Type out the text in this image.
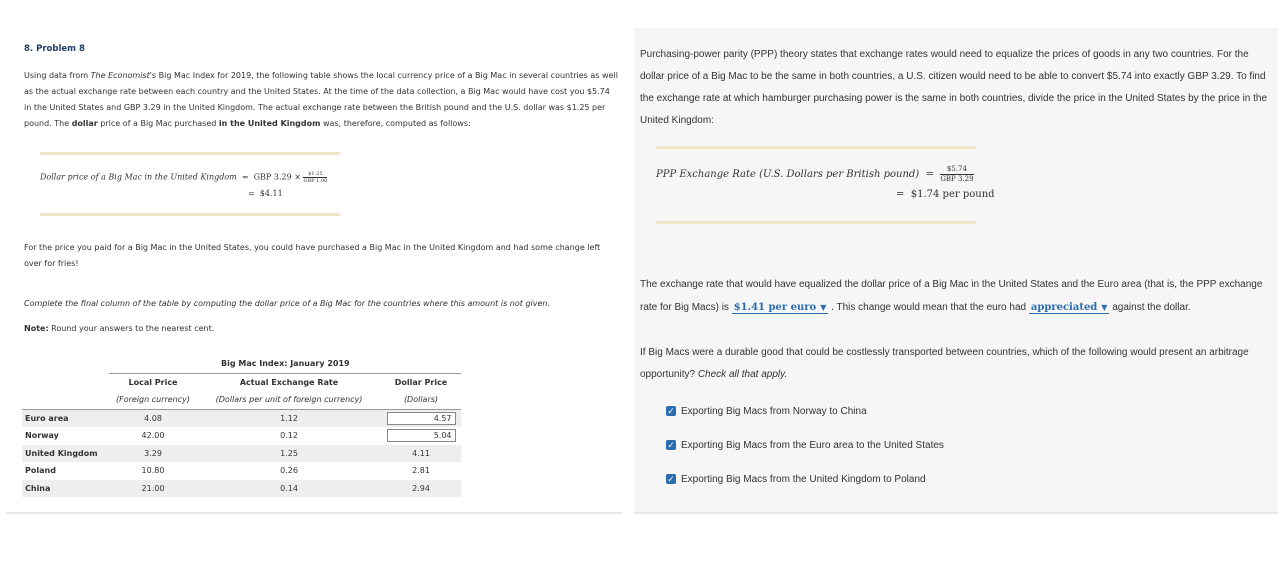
8. Problem 8
Using data from The Economist's Big Mac Index for 2019, the following table shows the local currency price of a Big Mac in several countries as well as the actual exchange rate between each country and the United States. At the time of the data collection, a Big Mac would have cost you $5.74 in the United States and GBP 3.29 in the United Kingdom. The actual exchange rate between the British pound and the U.S. dollar was $1.25 per pound. The dollar price of a Big Mac purchased in the United Kingdom was, therefore, computed as follows:
Dollar price of a Big Mac in the United Kingdom = GBP $3.29 \times \frac{\$1.25}{\text{GBP 1.00}}$
= $4.11
For the price you paid for a Big Mac in the United States, you could have purchased a Big Mac in the United Kingdom and had some change left over for fries!
Complete the final column of the table by computing the dollar price of a Big Mac for the countries where this amount is not given.
Note: Round your answers to the nearest cent.
	Big Mac Index: January 2019		
	Local Price	Actual Exchange Rate	Dollar Price
	(Foreign currency)	(Dollars per unit of foreign currency)	(Dollars)
Euro area	4.08	1.12	4.57
Norway	42.00	0.12	5.04
United Kingdom	3.29	1.25	4.11
Poland	10.80	0.26	2.81
China	21.00	0.14	2.94
Purchasing-power parity (PPP) theory states that exchange rates would need to equalize the prices of goods in any two countries. For the dollar price of a Big Mac to be the same in both countries, a U.S. citizen would need to be able to convert $5.74 into exactly GBP 3.29. To find the exchange rate at which hamburger purchasing power is the same in both countries, divide the price in the United States by the price in the United Kingdom:
PPP Exchange Rate (U.S. Dollars per British pound) = $\frac{\$5.74}{\text{GBP 3.29}}$
= $1.74 per pound
The exchange rate that would have equalized the dollar price of a Big Mac in the United States and the Euro area (that is, the PPP exchange rate for Big Macs) is $1.41 per euro ▼ . This change would mean that the euro had appreciated ▼ against the dollar.
If Big Macs were a durable good that could be costlessly transported between countries, which of the following would present an arbitrage opportunity? Check all that apply.
✓ Exporting Big Macs from Norway to China
✓ Exporting Big Macs from the Euro area to the United States
✓ Exporting Big Macs from the United Kingdom to Poland
